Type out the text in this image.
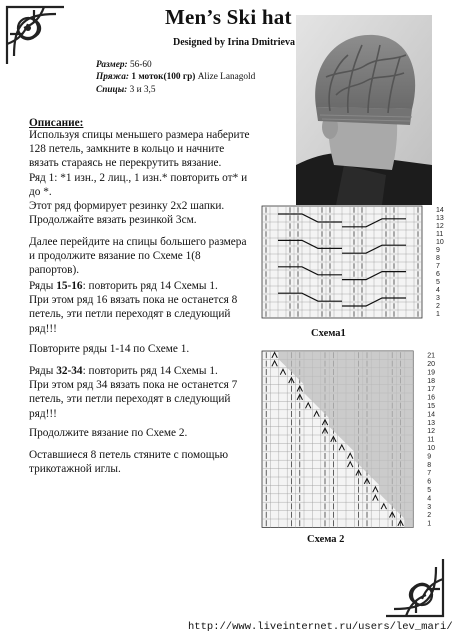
Men’s Ski hat
Designed by Irina Dmitrieva
Размер: 56-60
Пряжа: 1 моток(100 гр) Alize Lanagold
Спицы: 3 и 3,5
Описание:

Используя спицы меньшего размера наберите

128 петель, замкните в кольцо и начните

вязать стараясь не перекрутить вязание.

Ряд 1: *1 изн., 2 лиц., 1 изн.* повторить от* и

до *.

Этот ряд формирует резинку 2х2 шапки.

Продолжайте вязать резинкой 3см.

Далее перейдите на спицы большего размера

и продолжите вязание по Схеме 1(8

рапортов).

Ряды 15-16: повторить ряд 14 Схемы 1.

При этом ряд 16 вязать пока не останется 8

петель, эти петли переходят в следующий

ряд!!!

Повторите ряды 1-14 по Схеме 1.

Ряды 32-34: повторить ряд 14 Схемы 1.

При этом ряд 34 вязать пока не останется 7

петель, эти петли переходят в следующий

ряд!!!

Продолжите вязание по Схеме 2.

Оставшиеся 8 петель стяните с помощью

трикотажной иглы.

14
13
12
11
10
9
8
7
6
5
4
3
2
1
Схема1
21
20
19
18
17
16
15
14
13
12
11
10
9
8
7
6
5
4
3
2
1
Схема 2
http://www.liveinternet.ru/users/lev_mari/
